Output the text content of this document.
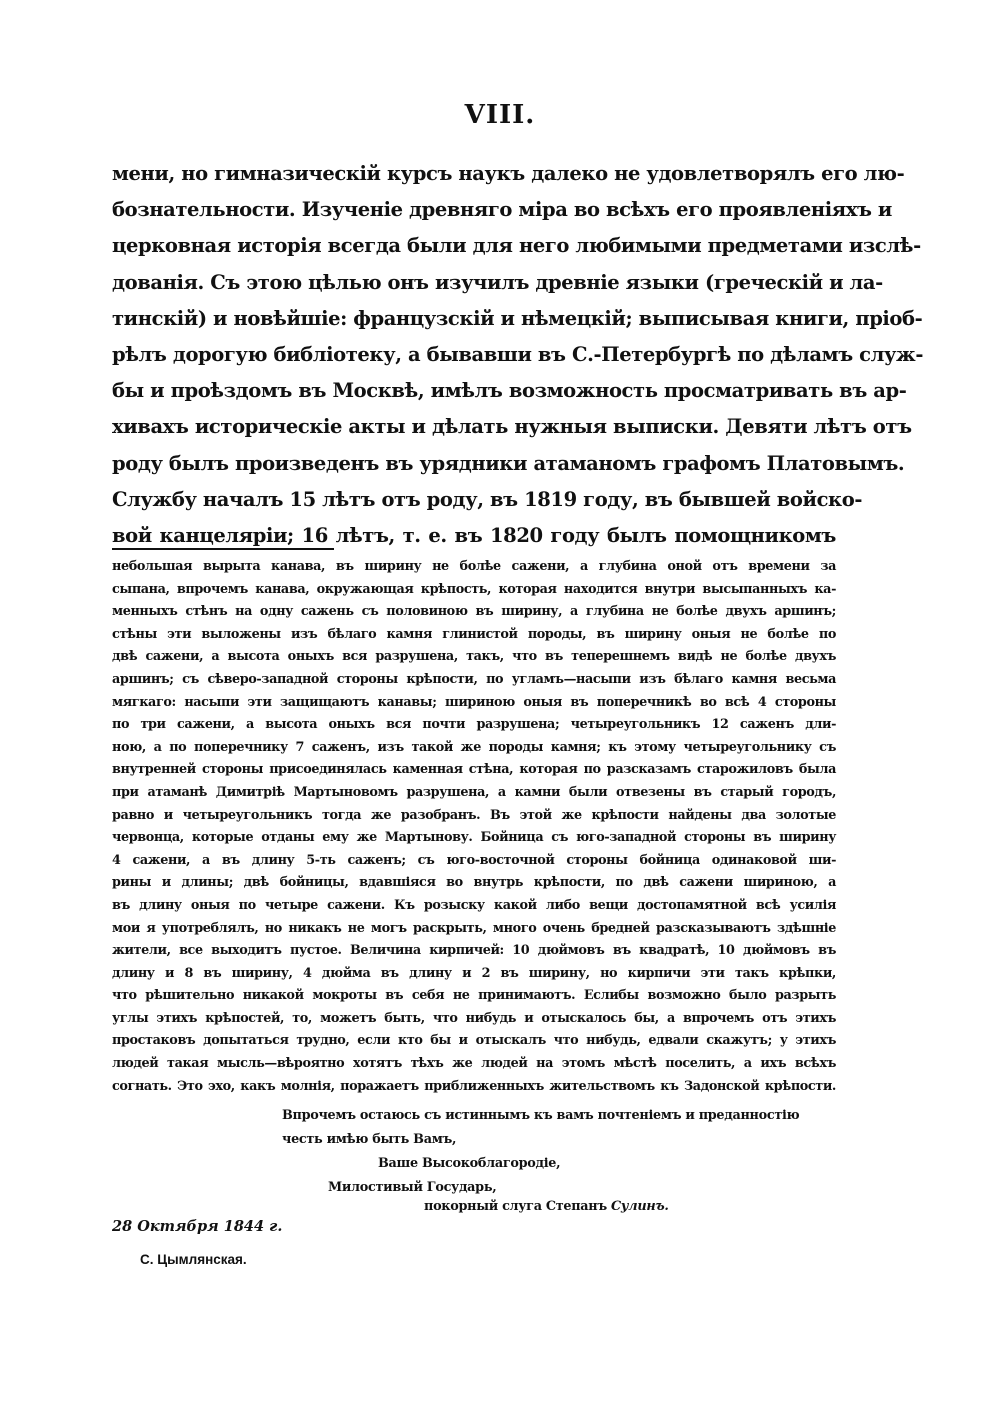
VIII.
мени, но гимназическій курсъ наукъ далеко не удовлетворялъ его лю-
бознательности. Изученіе древняго міра во всѣхъ его проявленіяхъ и
церковная исторія всегда были для него любимыми предметами изслѣ-
дованія. Съ этою цѣлью онъ изучилъ древніе языки (греческій и ла-
тинскій) и новѣйшіе: французскій и нѣмецкій; выписывая книги, пріоб-
рѣлъ дорогую библіотеку, а бывавши въ С.-Петербургѣ по дѣламъ служ-
бы и проѣздомъ въ Москвѣ, имѣлъ возможность просматривать въ ар-
хивахъ историческіе акты и дѣлать нужныя выписки. Девяти лѣтъ отъ
роду былъ произведенъ въ урядники атаманомъ графомъ Платовымъ.
Службу началъ 15 лѣтъ отъ роду, въ 1819 году, въ бывшей войско-
вой канцеляріи; 16 лѣтъ, т. е. въ 1820 году былъ помощникомъ
небольшая вырыта канава, въ ширину не болѣе сажени, а глубина оной отъ времени за
сыпана, впрочемъ канава, окружающая крѣпость, которая находится внутри высыпанныхъ ка-
менныхъ стѣнъ на одну сажень съ половиною въ ширину, а глубина не болѣе двухъ аршинъ;
стѣны эти выложены изъ бѣлаго камня глинистой породы, въ ширину оныя не болѣе по
двѣ сажени, а высота оныхъ вся разрушена, такъ, что въ теперешнемъ видѣ не болѣе двухъ
аршинъ; съ сѣверо-западной стороны крѣпости, по угламъ—насыпи изъ бѣлаго камня весьма
мягкаго: насыпи эти защищаютъ канавы; шириною оныя въ поперечникѣ во всѣ 4 стороны
по три сажени, а высота оныхъ вся почти разрушена; четыреугольникъ 12 саженъ дли-
ною, а по поперечнику 7 саженъ, изъ такой же породы камня; къ этому четыреугольнику съ
внутренней стороны присоединялась каменная стѣна, которая по разсказамъ старожиловъ была
при атаманѣ Димитріѣ Мартыновомъ разрушена, а камни были отвезены въ старый городъ,
равно и четыреугольникъ тогда же разобранъ. Въ этой же крѣпости найдены два золотые
червонца, которые отданы ему же Мартынову. Бойница съ юго-западной стороны въ ширину
4 сажени, а въ длину 5-ть саженъ; съ юго-восточной стороны бойница одинаковой ши-
рины и длины; двѣ бойницы, вдавшіяся во внутрь крѣпости, по двѣ сажени шириною, а
въ длину оныя по четыре сажени. Къ розыску какой либо вещи достопамятной всѣ усилія
мои я употреблялъ, но никакъ не могъ раскрыть, много очень бредней разсказываютъ здѣшніе
жители, все выходитъ пустое. Величина кирпичей: 10 дюймовъ въ квадратѣ, 10 дюймовъ въ
длину и 8 въ ширину, 4 дюйма въ длину и 2 въ ширину, но кирпичи эти такъ крѣпки,
что рѣшительно никакой мокроты въ себя не принимаютъ. Еслибы возможно было разрыть
углы этихъ крѣпостей, то, можетъ быть, что нибудь и отыскалось бы, а впрочемъ отъ этихъ
простаковъ допытаться трудно, если кто бы и отыскалъ что нибудь, едвали скажутъ; у этихъ
людей такая мысль—вѣроятно хотятъ тѣхъ же людей на этомъ мѣстѣ поселить, а ихъ всѣхъ
согнать. Это эхо, какъ молнія, поражаетъ приближенныхъ жительствомъ къ Задонской крѣпости.
Впрочемъ остаюсь съ истиннымъ къ вамъ почтеніемъ и преданностію
честь имѣю быть Вамъ,
Ваше Высокоблагородіе,
Милостивый Государь,
покорный слуга Степанъ Сулинъ.
28 Октября 1844 г.
С. Цымлянская.
